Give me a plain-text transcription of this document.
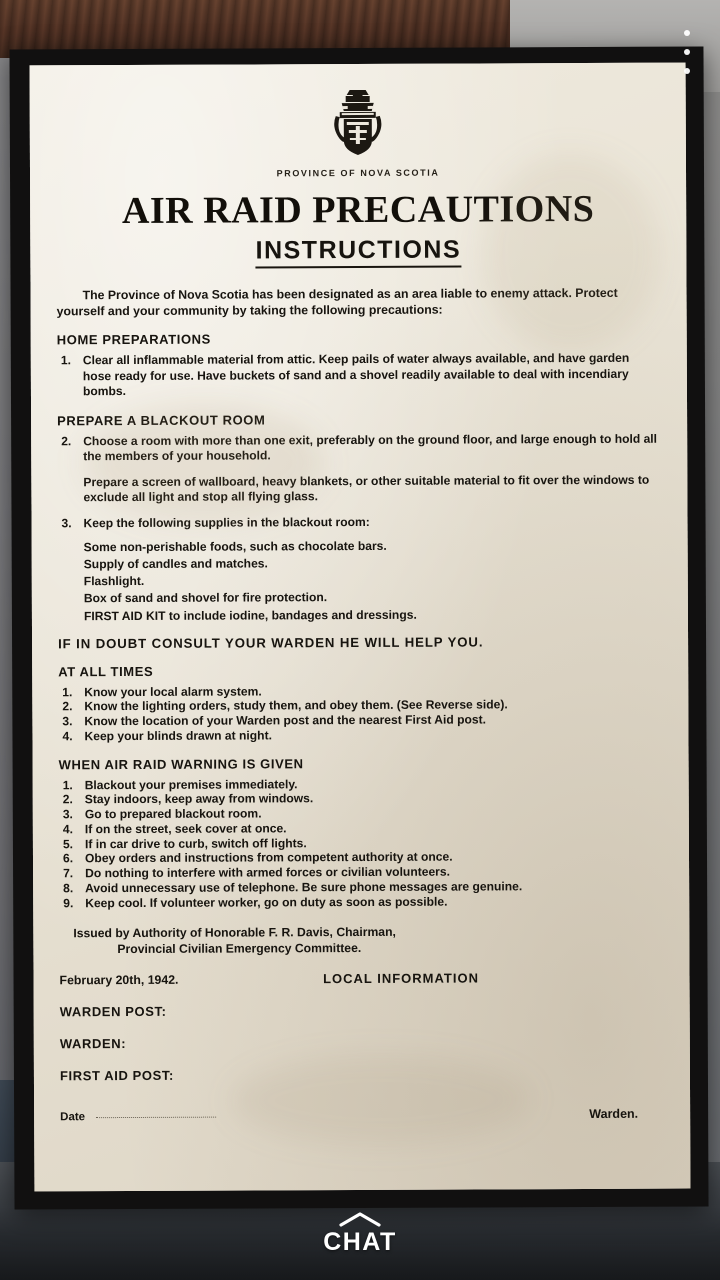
PROVINCE OF NOVA SCOTIA
AIR RAID PRECAUTIONS
INSTRUCTIONS

The Province of Nova Scotia has been designated as an area liable to enemy attack. Protect yourself and your community by taking the following precautions:

HOME PREPARATIONS
1. Clear all inflammable material from attic. Keep pails of water always available, and have garden hose ready for use. Have buckets of sand and a shovel readily available to deal with incendiary bombs.
PREPARE A BLACKOUT ROOM
2. Choose a room with more than one exit, preferably on the ground floor, and large enough to hold all the members of your household.
Prepare a screen of wallboard, heavy blankets, or other suitable material to fit over the windows to exclude all light and stop all flying glass.
3. Keep the following supplies in the blackout room:
Some non-perishable foods, such as chocolate bars.
Supply of candles and matches.
Flashlight.
Box of sand and shovel for fire protection.
FIRST AID KIT to include iodine, bandages and dressings.
IF IN DOUBT CONSULT YOUR WARDEN HE WILL HELP YOU.
AT ALL TIMES
1. Know your local alarm system.
2. Know the lighting orders, study them, and obey them. (See Reverse side).
3. Know the location of your Warden post and the nearest First Aid post.
4. Keep your blinds drawn at night.
WHEN AIR RAID WARNING IS GIVEN
1. Blackout your premises immediately.
2. Stay indoors, keep away from windows.
3. Go to prepared blackout room.
4. If on the street, seek cover at once.
5. If in car drive to curb, switch off lights.
6. Obey orders and instructions from competent authority at once.
7. Do nothing to interfere with armed forces or civilian volunteers.
8. Avoid unnecessary use of telephone. Be sure phone messages are genuine.
9. Keep cool. If volunteer worker, go on duty as soon as possible.
Issued by Authority of Honorable F. R. Davis, Chairman,
Provincial Civilian Emergency Committee.
February 20th, 1942.	LOCAL INFORMATION
WARDEN POST:
WARDEN:
FIRST AID POST:
Date	Warden.
CHAT
